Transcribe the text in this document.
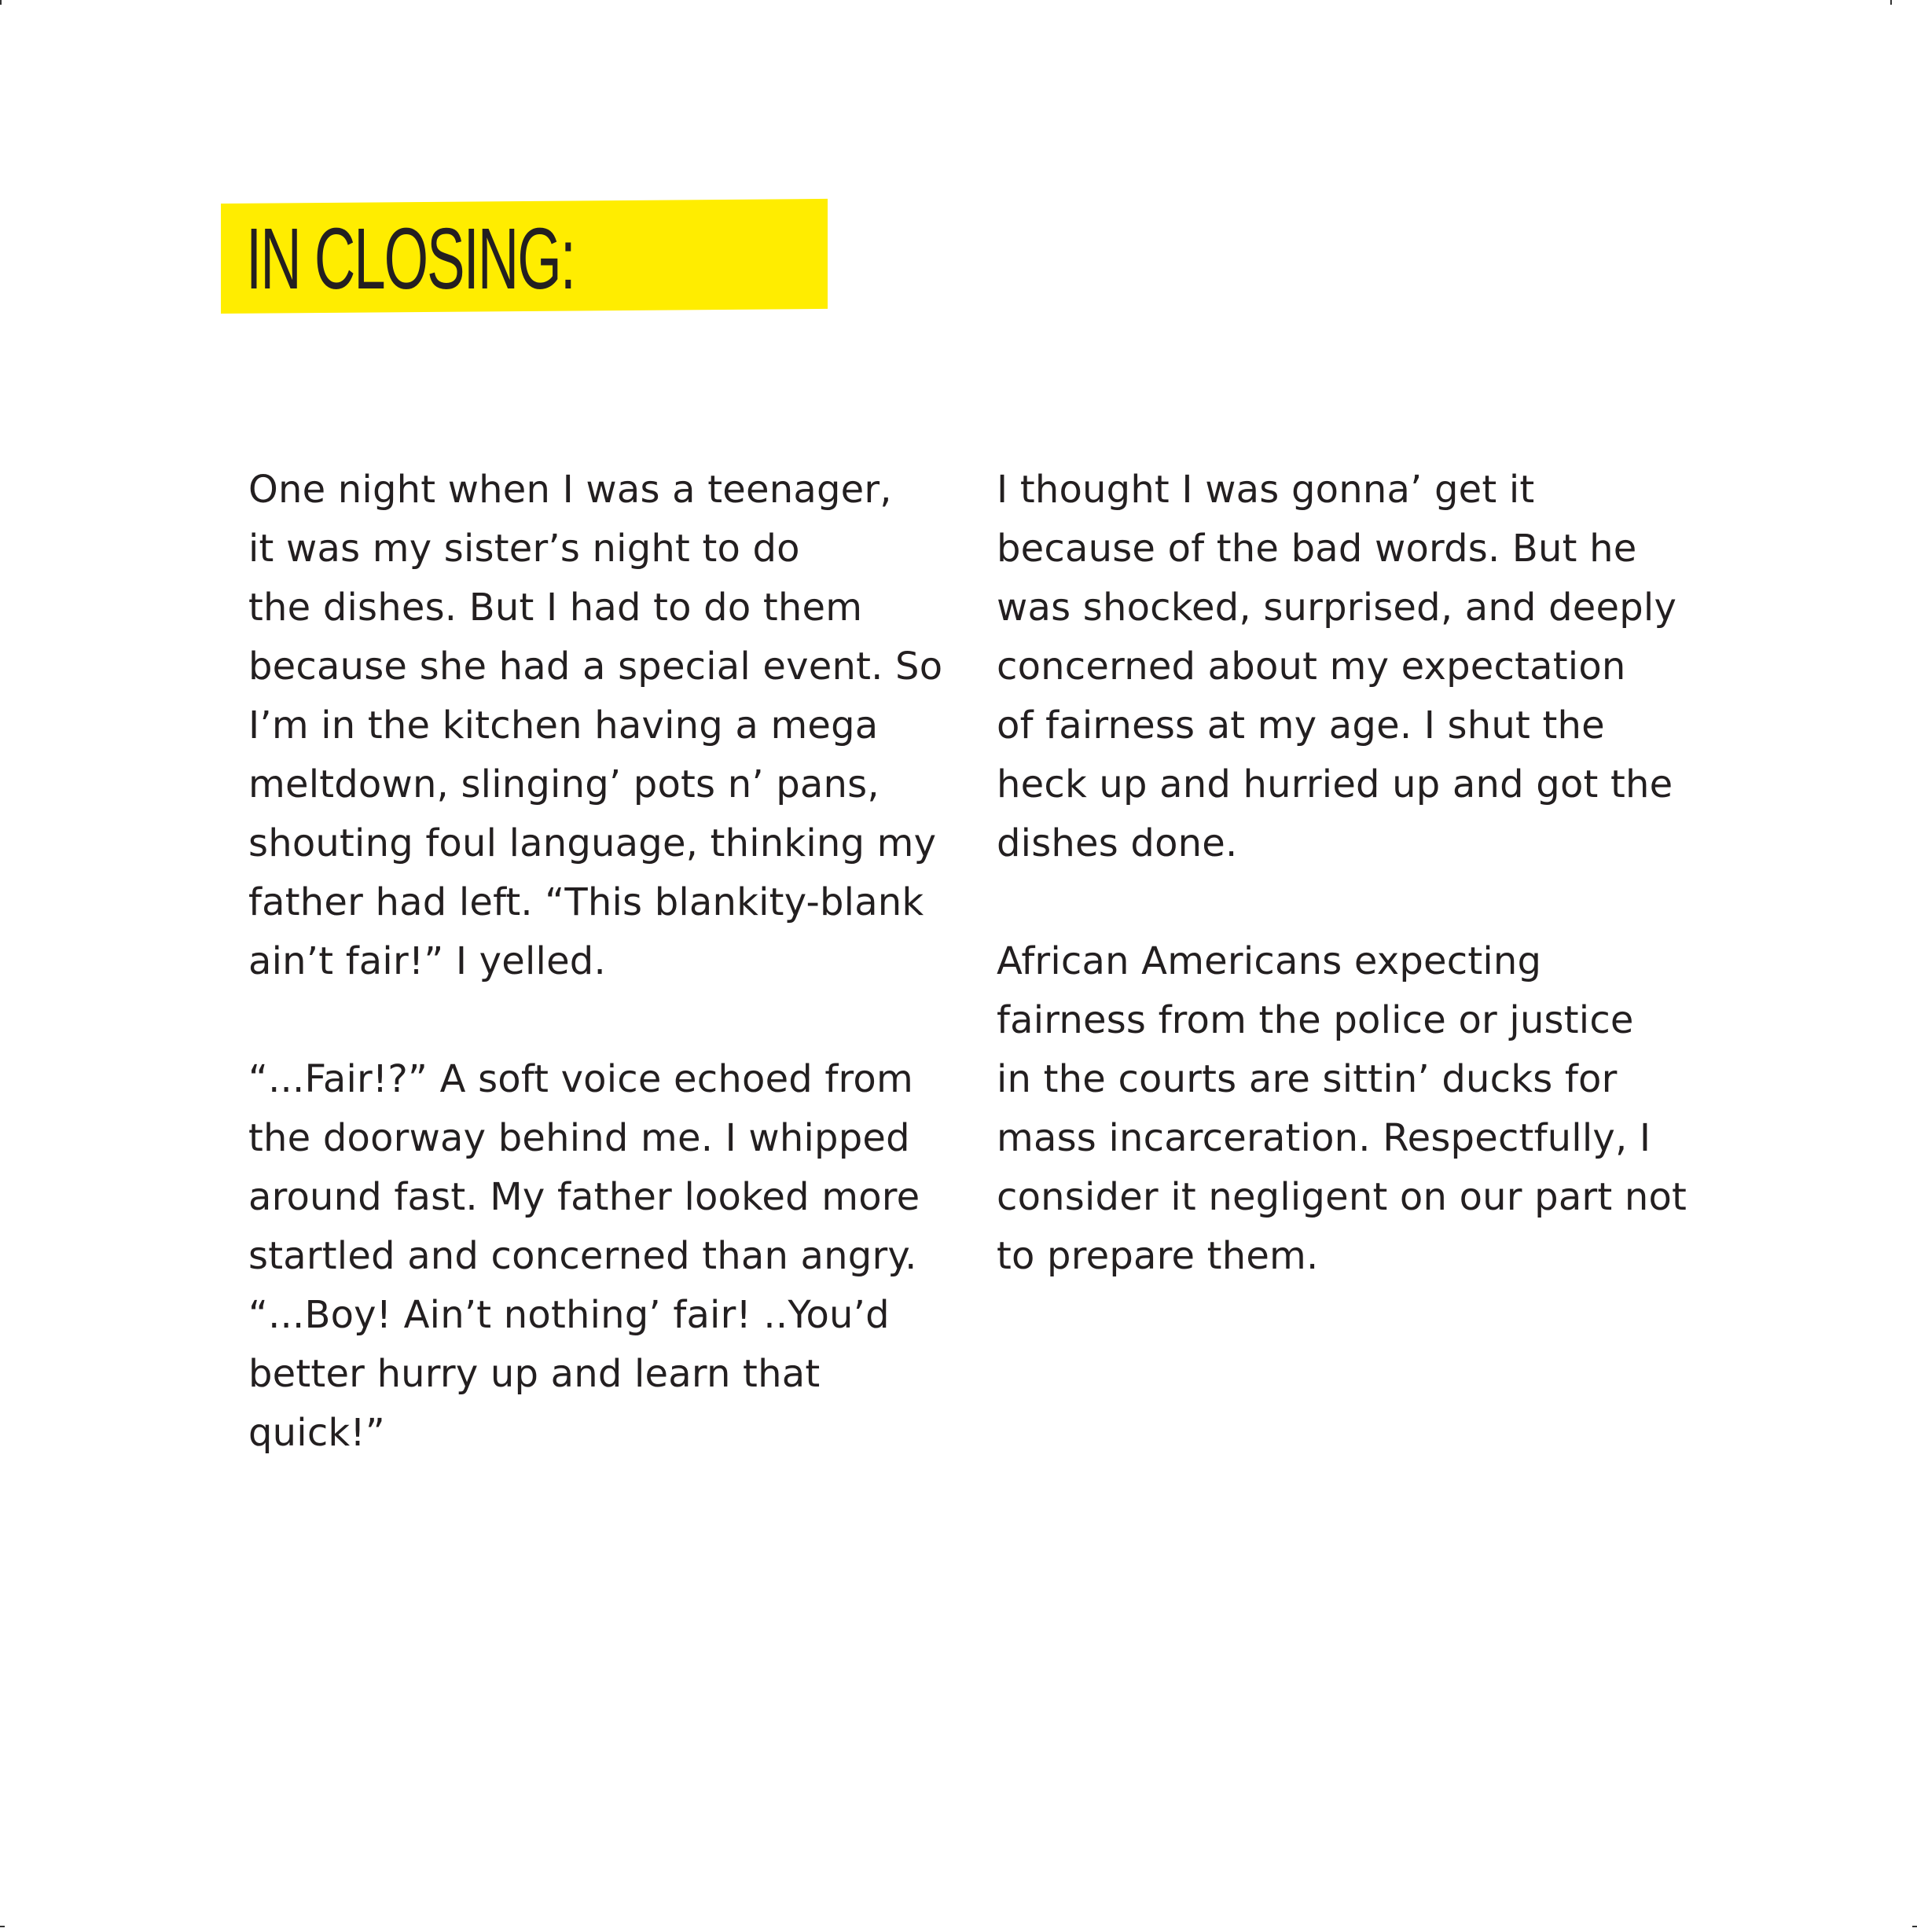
IN CLOSING:
One night when I was a teenager,
it was my sister’s night to do
the dishes. But I had to do them
because she had a special event. So
I’m in the kitchen having a mega
meltdown, slinging’ pots n’ pans,
shouting foul language, thinking my
father had left. “This blankity-blank
ain’t fair!” I yelled.
“...Fair!?” A soft voice echoed from
the doorway behind me. I whipped
around fast. My father looked more
startled and concerned than angry.
“...Boy! Ain’t nothing’ fair! ..You’d
better hurry up and learn that
quick!”
I thought I was gonna’ get it
because of the bad words. But he
was shocked, surprised, and deeply
concerned about my expectation
of fairness at my age. I shut the
heck up and hurried up and got the
dishes done.
African Americans expecting
fairness from the police or justice
in the courts are sittin’ ducks for
mass incarceration. Respectfully, I
consider it negligent on our part not
to prepare them.
